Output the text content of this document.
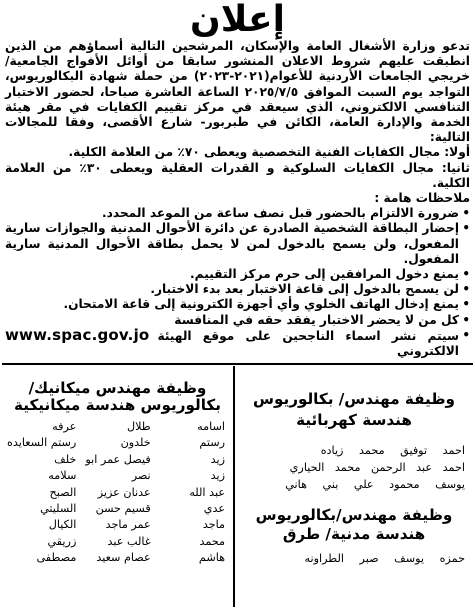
إعلان

تدعو وزارة الأشغال العامة والإسكان، المرشحين التالية أسماؤهم من الذين انطبقت عليهم شروط الاعلان المنشور سابقا من أوائل الأفواج الجامعية/ خريجي الجامعات الأردنية للأعوام(٢٠٢١-٢٠٢٣) من حملة شهادة البكالوريوس، التواجد يوم السبت الموافق ٢٠٢٥/٧/٥ الساعة العاشرة صباحا، لحضور الاختبار التنافسي الالكتروني، الذي سيعقد في مركز تقييم الكفايات في مقر هيئة الخدمة والإدارة العامة، الكائن في طبربور- شارع الأقصى، وفقا للمجالات التالية:

أولا: مجال الكفايات الفنية التخصصية ويعطى ٧٠٪ من العلامة الكلية.

ثانيا: مجال الكفايات السلوكية و القدرات العقلية ويعطى ٣٠٪ من العلامة الكلية.

ملاحظات هامة :

• ضرورة الالتزام بالحضور قبل نصف ساعة من الموعد المحدد.
• إحضار البطاقة الشخصية الصادرة عن دائرة الأحوال المدنية والجوازات سارية المفعول، ولن يسمح بالدخول لمن لا يحمل بطاقة الأحوال المدنية سارية المفعول.
• يمنع دخول المرافقين إلى حرم مركز التقييم.
• لن يسمح بالدخول إلى قاعة الاختبار بعد بدء الاختبار.
• يمنع إدخال الهاتف الخلوي وأي أجهزة الكترونية إلى قاعة الامتحان.
• كل من لا يحضر الاختبار يفقد حقه في المنافسة
• سيتم نشر اسماء الناجحين على موقع الهيئة الالكتروني
www.spac.gov.jo
وظيفة مهندس ميكانيك/
بكالوريوس هندسة ميكانيكية
اسامه
طلال
عرفه
رستم
خلدون
رستم السعايده
زيد
فيصل عمر ابو
خلف
زيد
نصر
سلامه
عبد الله
عدنان عزيز
الصبح
عدي
قسيم حسن
السليتي
ماجد
عمر ماجد
الكيال
محمد
غالب عبد
زريقي
هاشم
عصام سعيد
مصطفى
وظيفة مهندس/ بكالوريوس
هندسة كهربائية
احمد توفيق محمد زياده
احمد عبد الرحمن محمد الحياري
يوسف محمود علي بني هاني
وظيفة مهندس/بكالوريوس
هندسة مدنية/ طرق
حمزه يوسف صبر الطراونه
